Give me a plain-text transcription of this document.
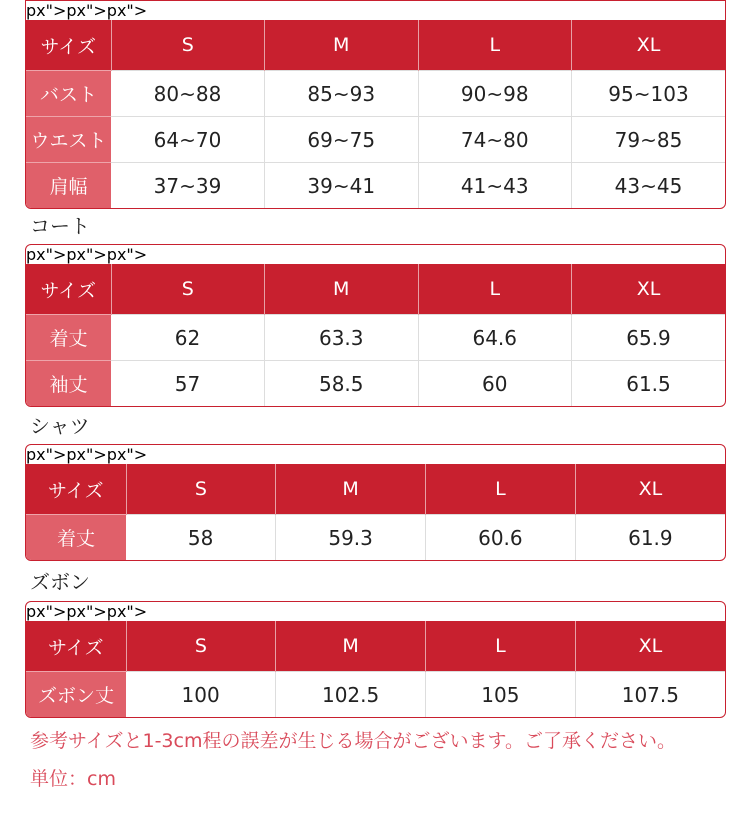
px">px">px">
サイズ	S	M	L	XL
バスト	80~88	85~93	90~98	95~103
ウエスト	64~70	69~75	74~80	79~85
肩幅	37~39	39~41	41~43	43~45
コート
px">px">px">
サイズ	S	M	L	XL
着丈	62	63.3	64.6	65.9
袖丈	57	58.5	60	61.5
シャツ
px">px">px">
サイズ	S	M	L	XL
着丈	58	59.3	60.6	61.9
ズボン
px">px">px">
サイズ	S	M	L	XL
ズボン丈	100	102.5	105	107.5
参考サイズと1-3cm程の誤差が生じる場合がございます。ご了承ください。
単位：cm
